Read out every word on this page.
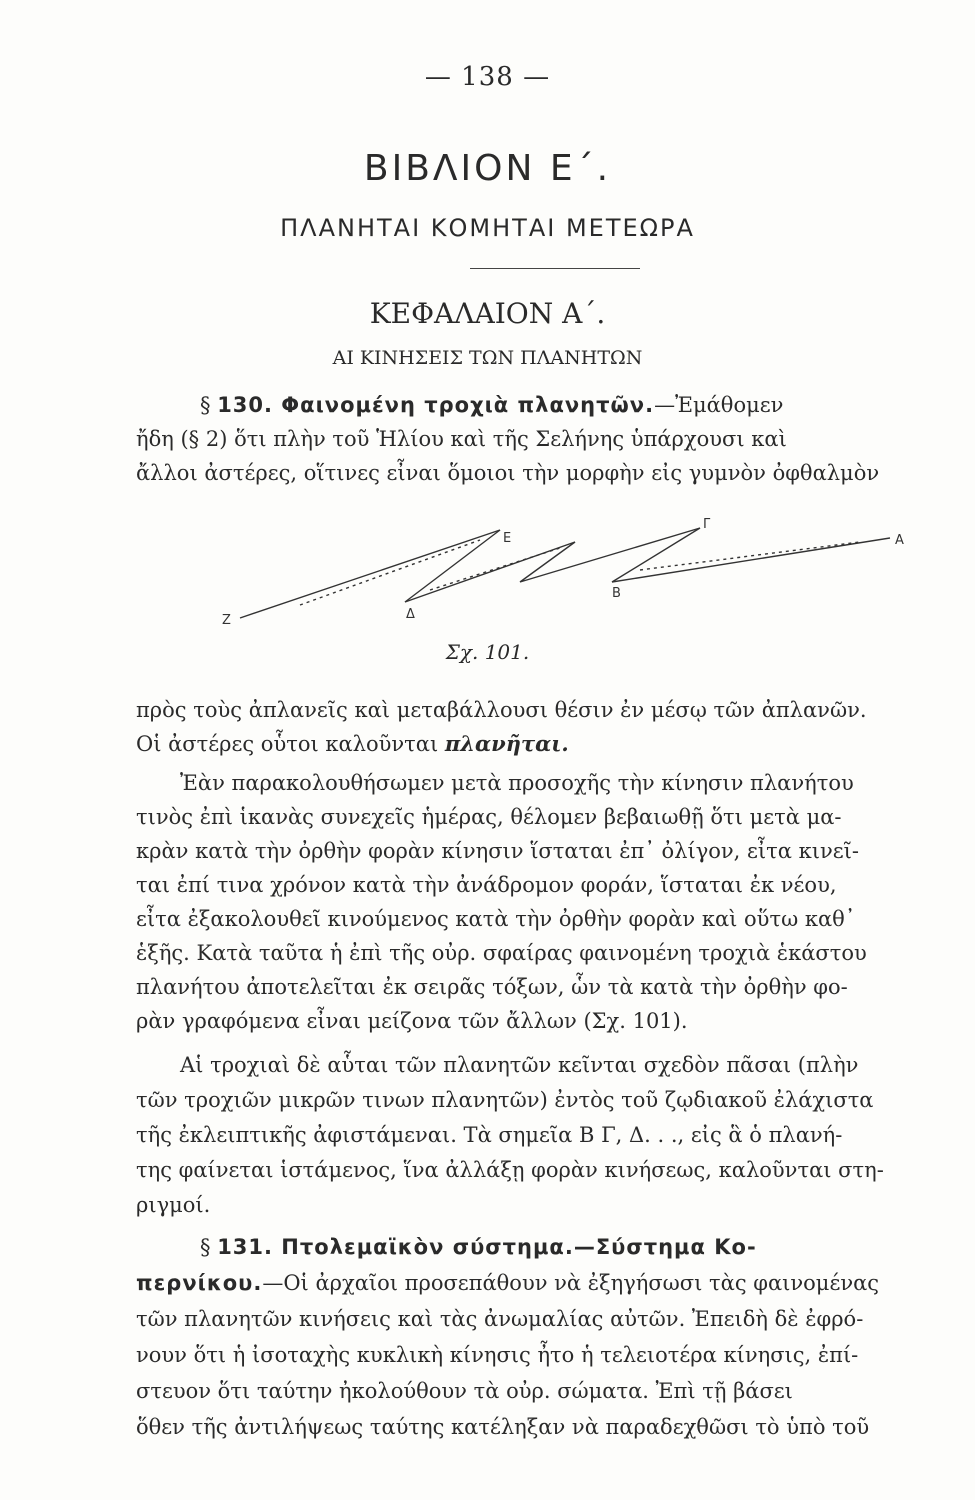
— 138 —
ΒΙΒΛΙΟΝ Ε΄.
ΠΛΑΝΗΤΑΙ ΚΟΜΗΤΑΙ ΜΕΤΕΩΡΑ
ΚΕΦΑΛΑΙΟΝ Α΄.
ΑΙ ΚΙΝΗΣΕΙΣ ΤΩΝ ΠΛΑΝΗΤΩΝ
§ 130. Φαινομένη τροχιὰ πλανητῶν.—Ἐμάθομεν
ἤδη (§ 2) ὅτι πλὴν τοῦ Ἡλίου καὶ τῆς Σελήνης ὑπάρχουσι καὶ
ἄλλοι ἀστέρες, οἵτινες εἶναι ὅμοιοι τὴν μορφὴν εἰς γυμνὸν ὀφθαλμὸν
Ζ	Δ
Ε
Β
Γ
Α
Σχ. 101.
πρὸς τοὺς ἀπλανεῖς καὶ μεταβάλλουσι θέσιν ἐν μέσῳ τῶν ἀπλανῶν.
Οἱ ἀστέρες οὗτοι καλοῦνται πλανῆται.
Ἐὰν παρακολουθήσωμεν μετὰ προσοχῆς τὴν κίνησιν πλανήτου
τινὸς ἐπὶ ἱκανὰς συνεχεῖς ἡμέρας, θέλομεν βεβαιωθῇ ὅτι μετὰ μα-
κρὰν κατὰ τὴν ὀρθὴν φορὰν κίνησιν ἵσταται ἐπ᾿ ὀλίγον, εἶτα κινεῖ-
ται ἐπί τινα χρόνον κατὰ τὴν ἀνάδρομον φοράν, ἵσταται ἐκ νέου,
εἶτα ἐξακολουθεῖ κινούμενος κατὰ τὴν ὀρθὴν φορὰν καὶ οὕτω καθ᾿
ἑξῆς. Κατὰ ταῦτα ἡ ἐπὶ τῆς οὐρ. σφαίρας φαινομένη τροχιὰ ἑκάστου
πλανήτου ἀποτελεῖται ἐκ σειρᾶς τόξων, ὧν τὰ κατὰ τὴν ὀρθὴν φο-
ρὰν γραφόμενα εἶναι μείζονα τῶν ἄλλων (Σχ. 101).
Αἱ τροχιαὶ δὲ αὗται τῶν πλανητῶν κεῖνται σχεδὸν πᾶσαι (πλὴν
τῶν τροχιῶν μικρῶν τινων πλανητῶν) ἐντὸς τοῦ ζῳδιακοῦ ἐλάχιστα
τῆς ἐκλειπτικῆς ἀφιστάμεναι. Τὰ σημεῖα Β Γ, Δ. . ., εἰς ἃ ὁ πλανή-
της φαίνεται ἱστάμενος, ἵνα ἀλλάξῃ φορὰν κινήσεως, καλοῦνται στη-
ριγμοί.
§ 131. Πτολεμαϊκὸν σύστημα.—Σύστημα Κο-
περνίκου.—Οἱ ἀρχαῖοι προσεπάθουν νὰ ἐξηγήσωσι τὰς φαινομένας
τῶν πλανητῶν κινήσεις καὶ τὰς ἀνωμαλίας αὐτῶν. Ἐπειδὴ δὲ ἐφρό-
νουν ὅτι ἡ ἰσοταχὴς κυκλικὴ κίνησις ἦτο ἡ τελειοτέρα κίνησις, ἐπί-
στευον ὅτι ταύτην ἠκολούθουν τὰ οὐρ. σώματα. Ἐπὶ τῇ βάσει
ὅθεν τῆς ἀντιλήψεως ταύτης κατέληξαν νὰ παραδεχθῶσι τὸ ὑπὸ τοῦ
